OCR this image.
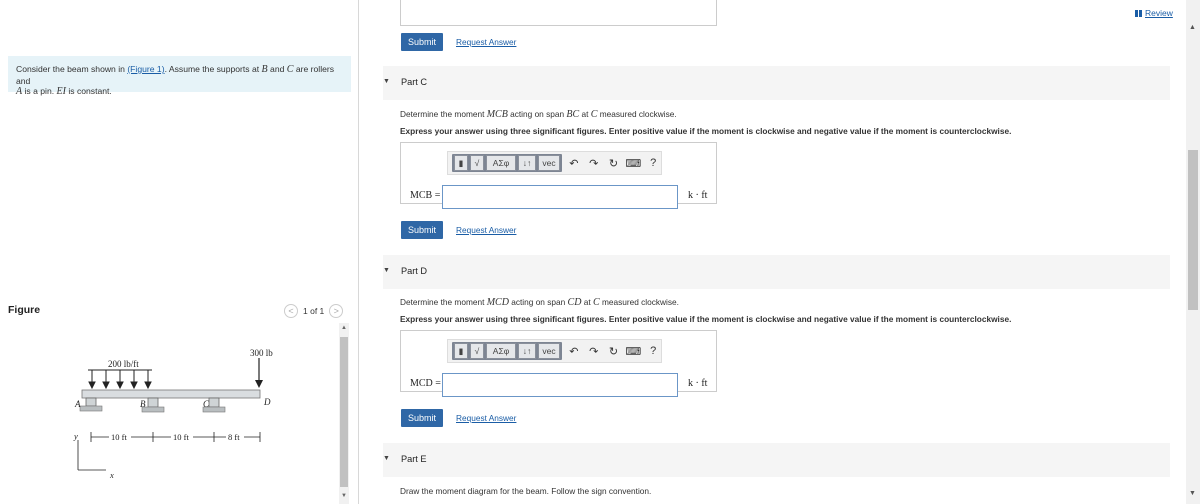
Consider the beam shown in (Figure 1). Assume the supports at B and C are rollers and
A is a pin. EI is constant.
Figure	<	1 of 1	>
200 lb/ft
300 lb
A	B	C	D
10 ft	10 ft	8 ft
y
x
▲
▼
Submit	Request Answer
Review
▼ Part C
Determine the moment MCB acting on span BC at C measured clockwise.
Express your answer using three significant figures. Enter positive value if the moment is clockwise and negative value if the moment is counterclockwise.
▮	√	ΑΣφ	↓↑	vec	↶ ↷ ↻ ⌨ ?
MCB =	k · ft
Submit	Request Answer
▼ Part D
Determine the moment MCD acting on span CD at C measured clockwise.
Express your answer using three significant figures. Enter positive value if the moment is clockwise and negative value if the moment is counterclockwise.
▮	√	ΑΣφ	↓↑	vec	↶ ↷ ↻ ⌨ ?
MCD =	k · ft
Submit	Request Answer
▼ Part E
Draw the moment diagram for the beam. Follow the sign convention.
▲
▼
